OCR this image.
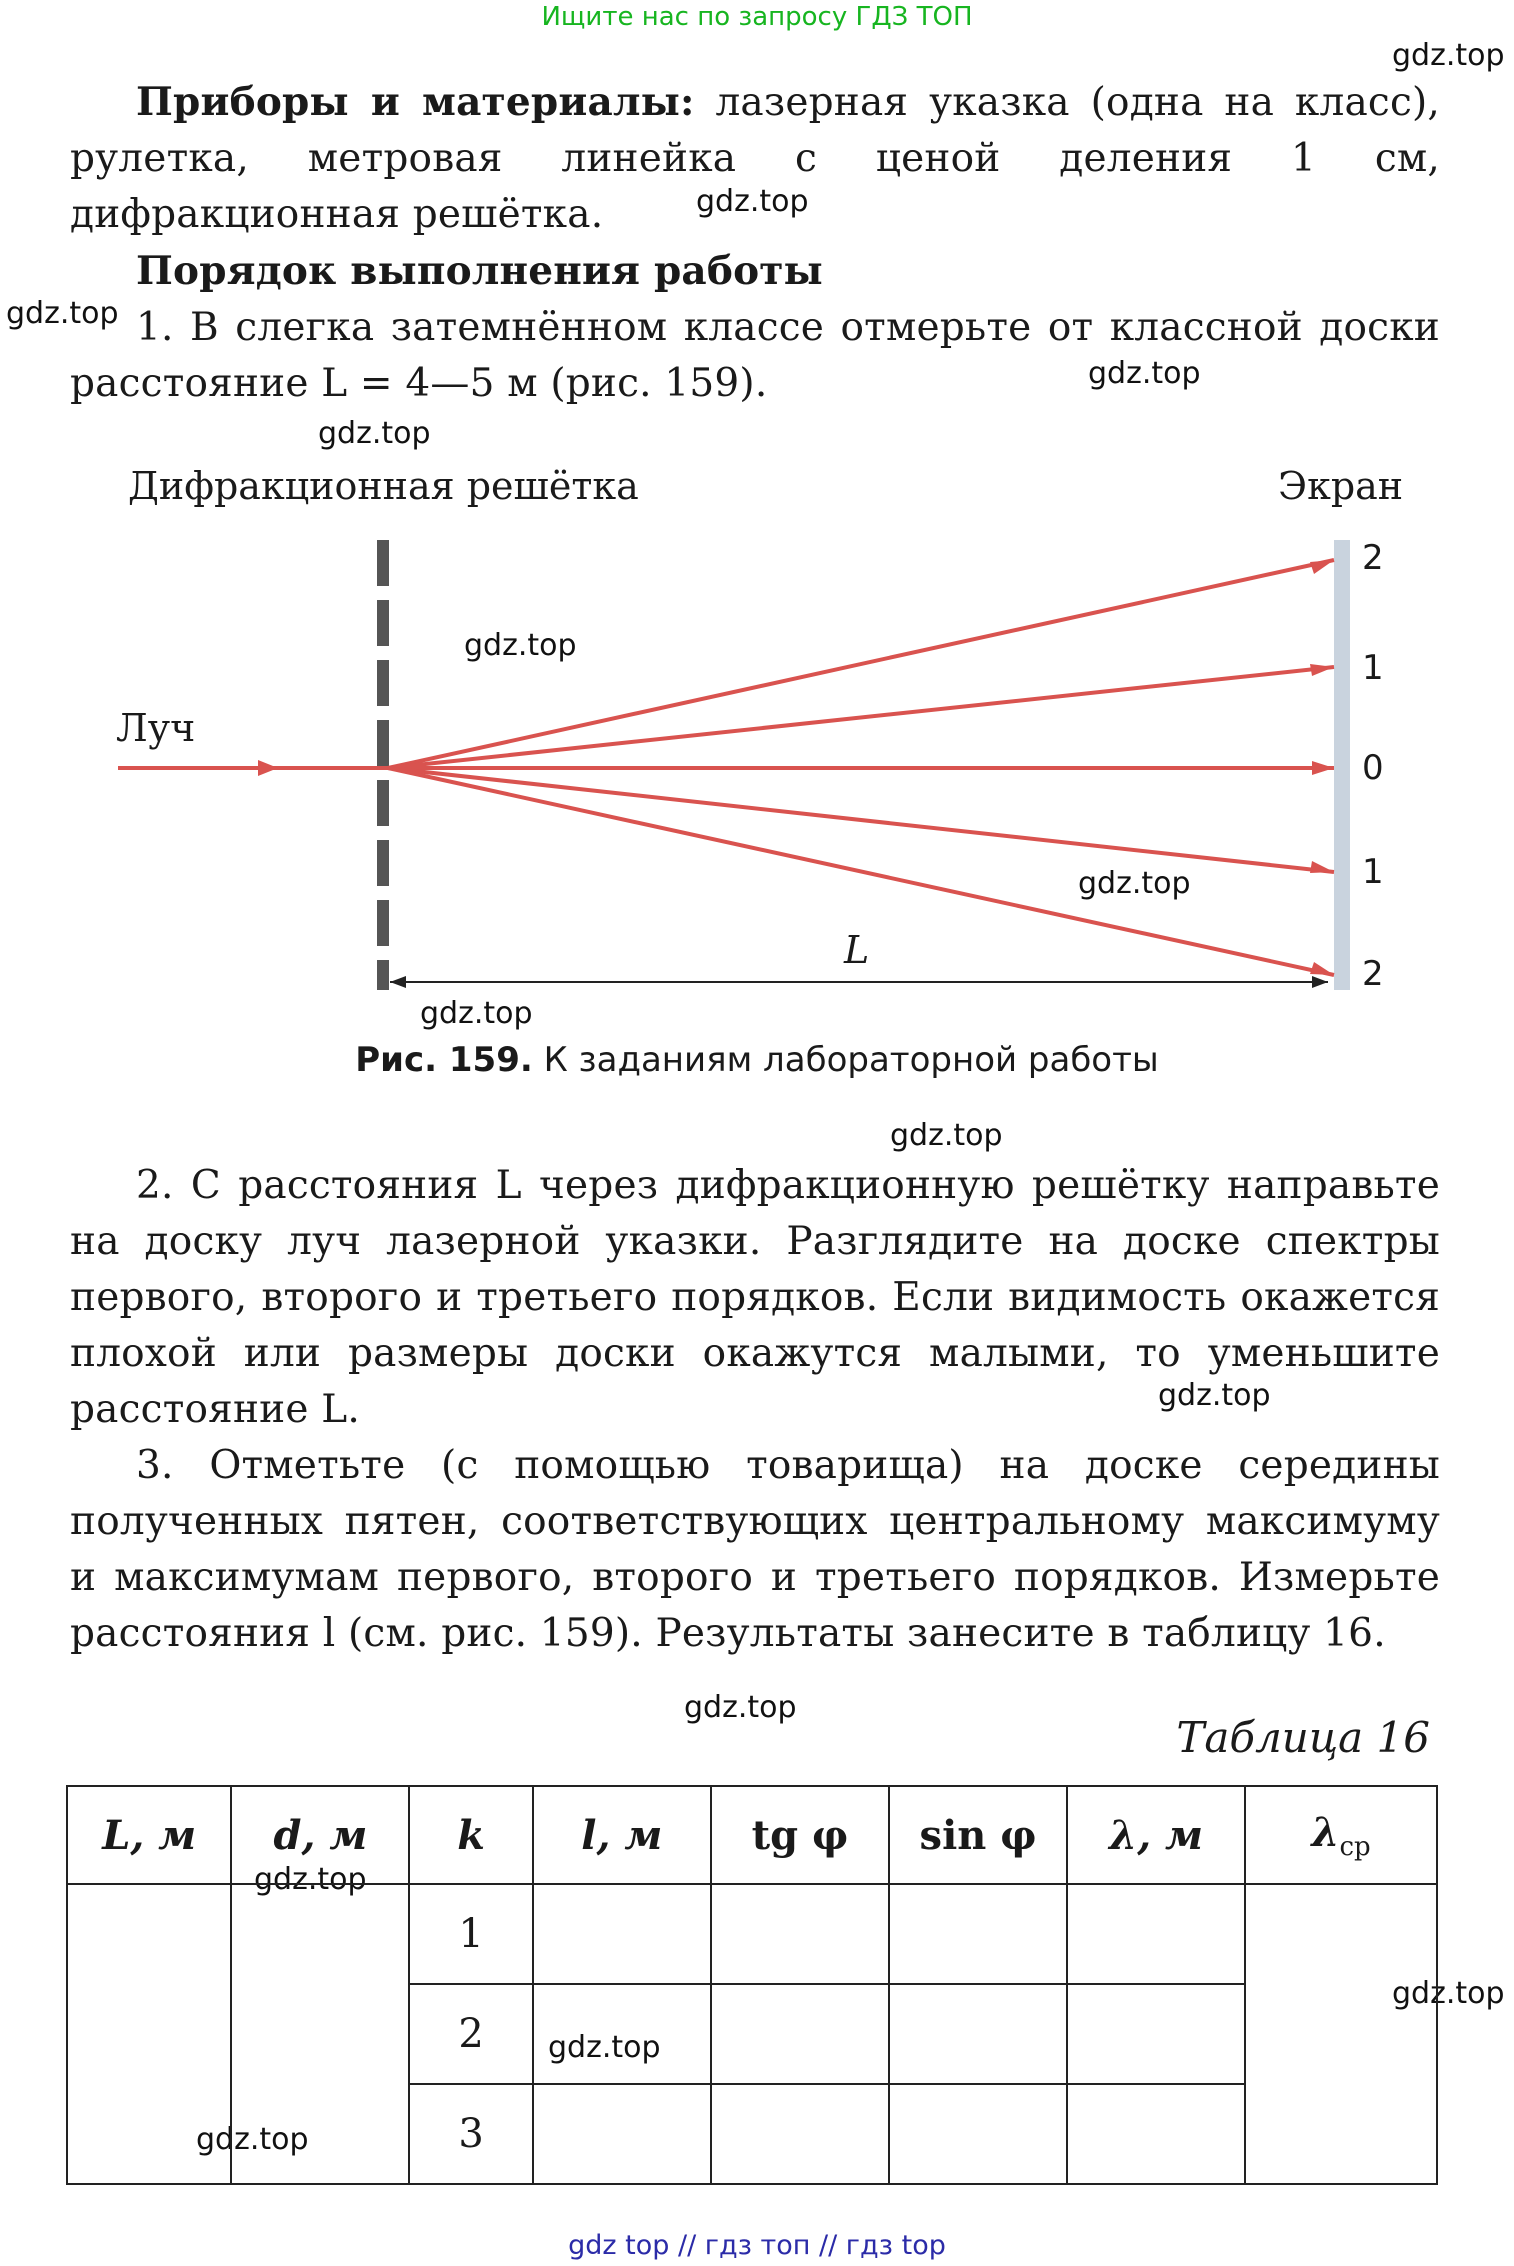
Ищите нас по запросу ГДЗ ТОП
gdz.top
gdz.top
gdz.top
gdz.top
gdz.top
gdz.top
gdz.top
gdz.top
gdz.top
gdz.top
gdz.top
gdz.top
gdz.top
gdz.top
gdz.top

Приборы и материалы: лазерная указка (одна на класс), рулетка, метровая линейка с ценой деления 1 см, дифракционная решётка.

Порядок выполнения работы

1. В слегка затемнённом классе отмерьте от классной доски расстояние L = 4—5 м (рис. 159).

Дифракционная решётка	Экран
Луч
L
2
1
0
1
2
Рис. 159. К заданиям лабораторной работы

2. С расстояния L через дифракционную решётку направьте на доску луч лазерной указки. Разглядите на доске спектры первого, второго и третьего порядков. Если видимость окажется плохой или размеры доски окажутся малыми, то уменьшите расстояние L.

3. Отметьте (с помощью товарища) на доске середины полученных пятен, соответствующих центральному максимуму и максимумам первого, второго и третьего порядков. Измерьте расстояния l (см. рис. 159). Результаты занесите в таблицу 16.

Таблица 16
L, м	d, м	k	l, м	tg φ	sin φ	λ, м	$\lambda_{ср}$
		1					
		2					
		3					
gdz top // гдз топ // гдз top
